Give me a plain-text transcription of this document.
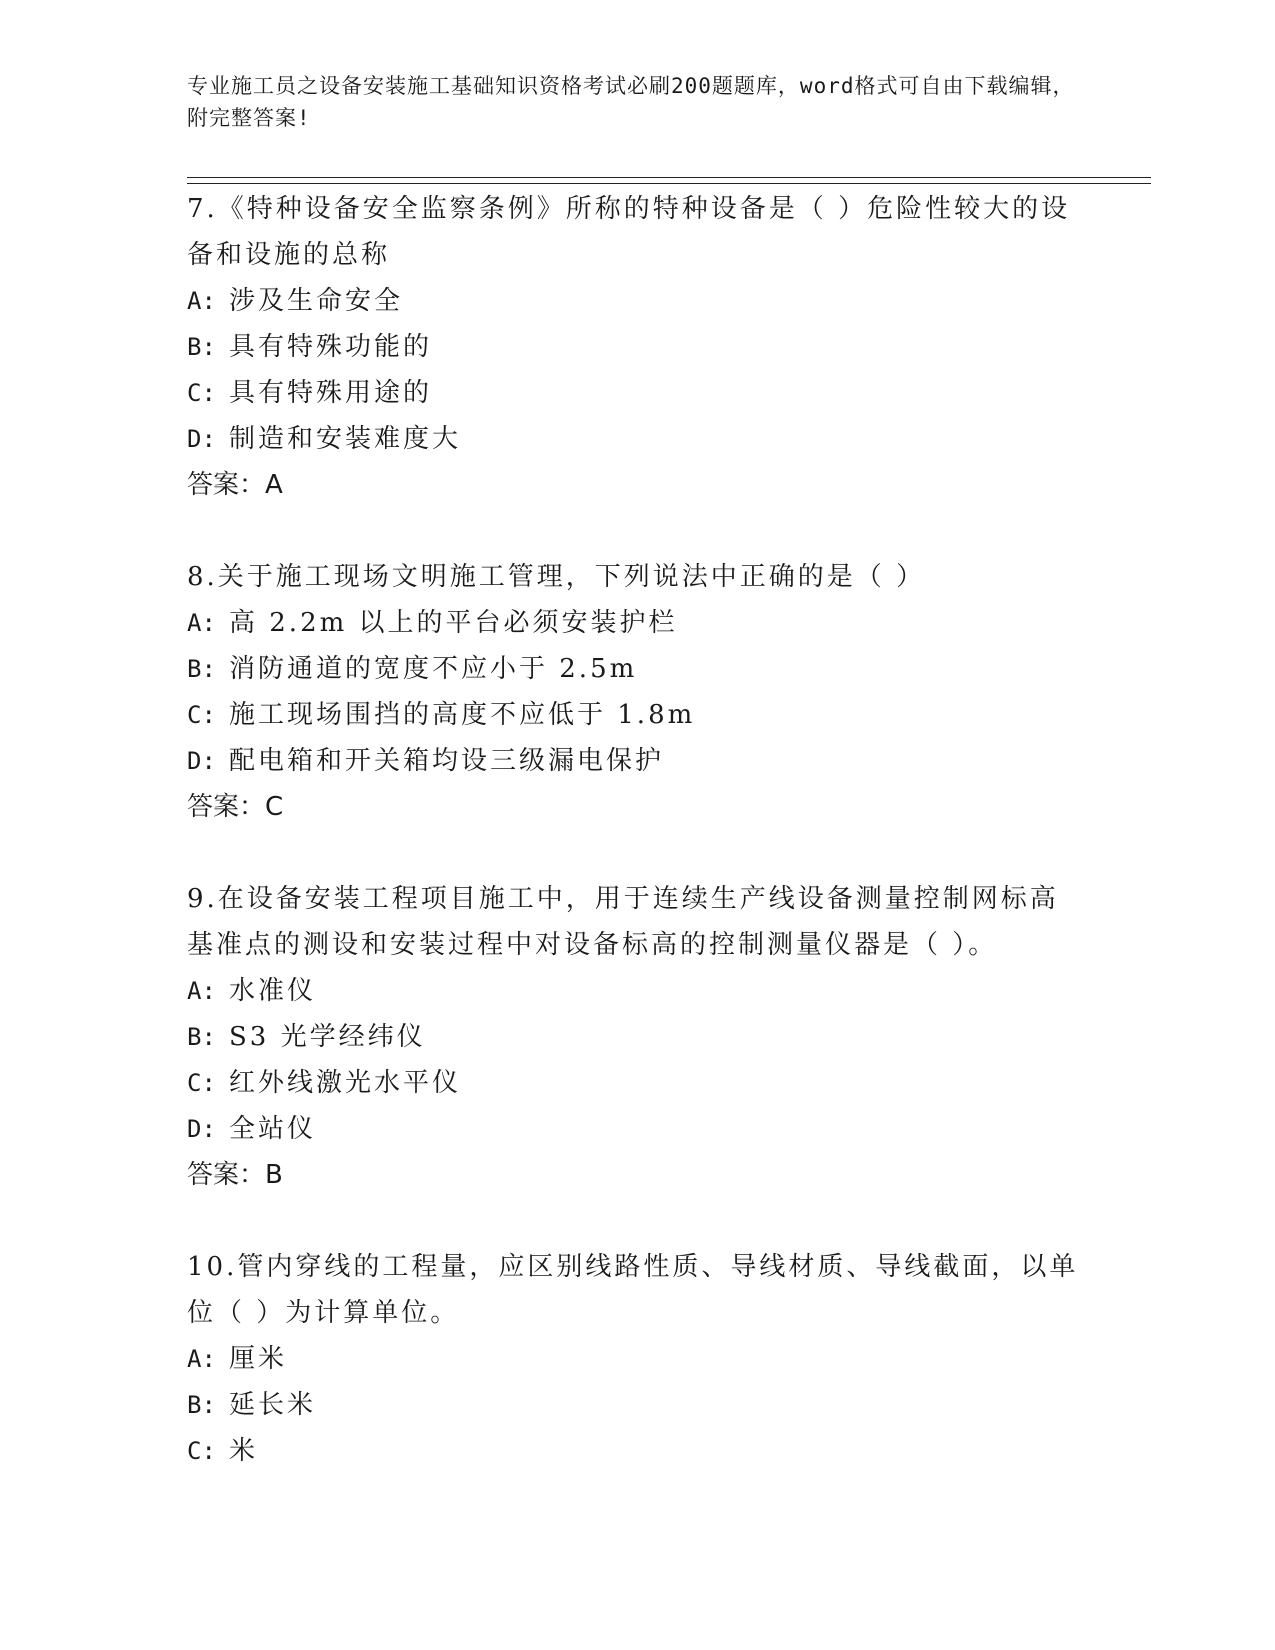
专业施工员之设备安装施工基础知识资格考试必刷200题题库，word格式可自由下载编辑，附完整答案!
7.《特种设备安全监察条例》所称的特种设备是（ ）危险性较大的设备和设施的总称
A: 涉及生命安全
B: 具有特殊功能的
C: 具有特殊用途的
D: 制造和安装难度大
答案：A
8.关于施工现场文明施工管理，下列说法中正确的是（ ）
A: 高 2.2m 以上的平台必须安装护栏
B: 消防通道的宽度不应小于 2.5m
C: 施工现场围挡的高度不应低于 1.8m
D: 配电箱和开关箱均设三级漏电保护
答案：C
9.在设备安装工程项目施工中，用于连续生产线设备测量控制网标高基准点的测设和安装过程中对设备标高的控制测量仪器是（ ）。
A: 水准仪
B: S3 光学经纬仪
C: 红外线激光水平仪
D: 全站仪
答案：B
10.管内穿线的工程量，应区别线路性质、导线材质、导线截面，以单位（ ）为计算单位。
A: 厘米
B: 延长米
C: 米
